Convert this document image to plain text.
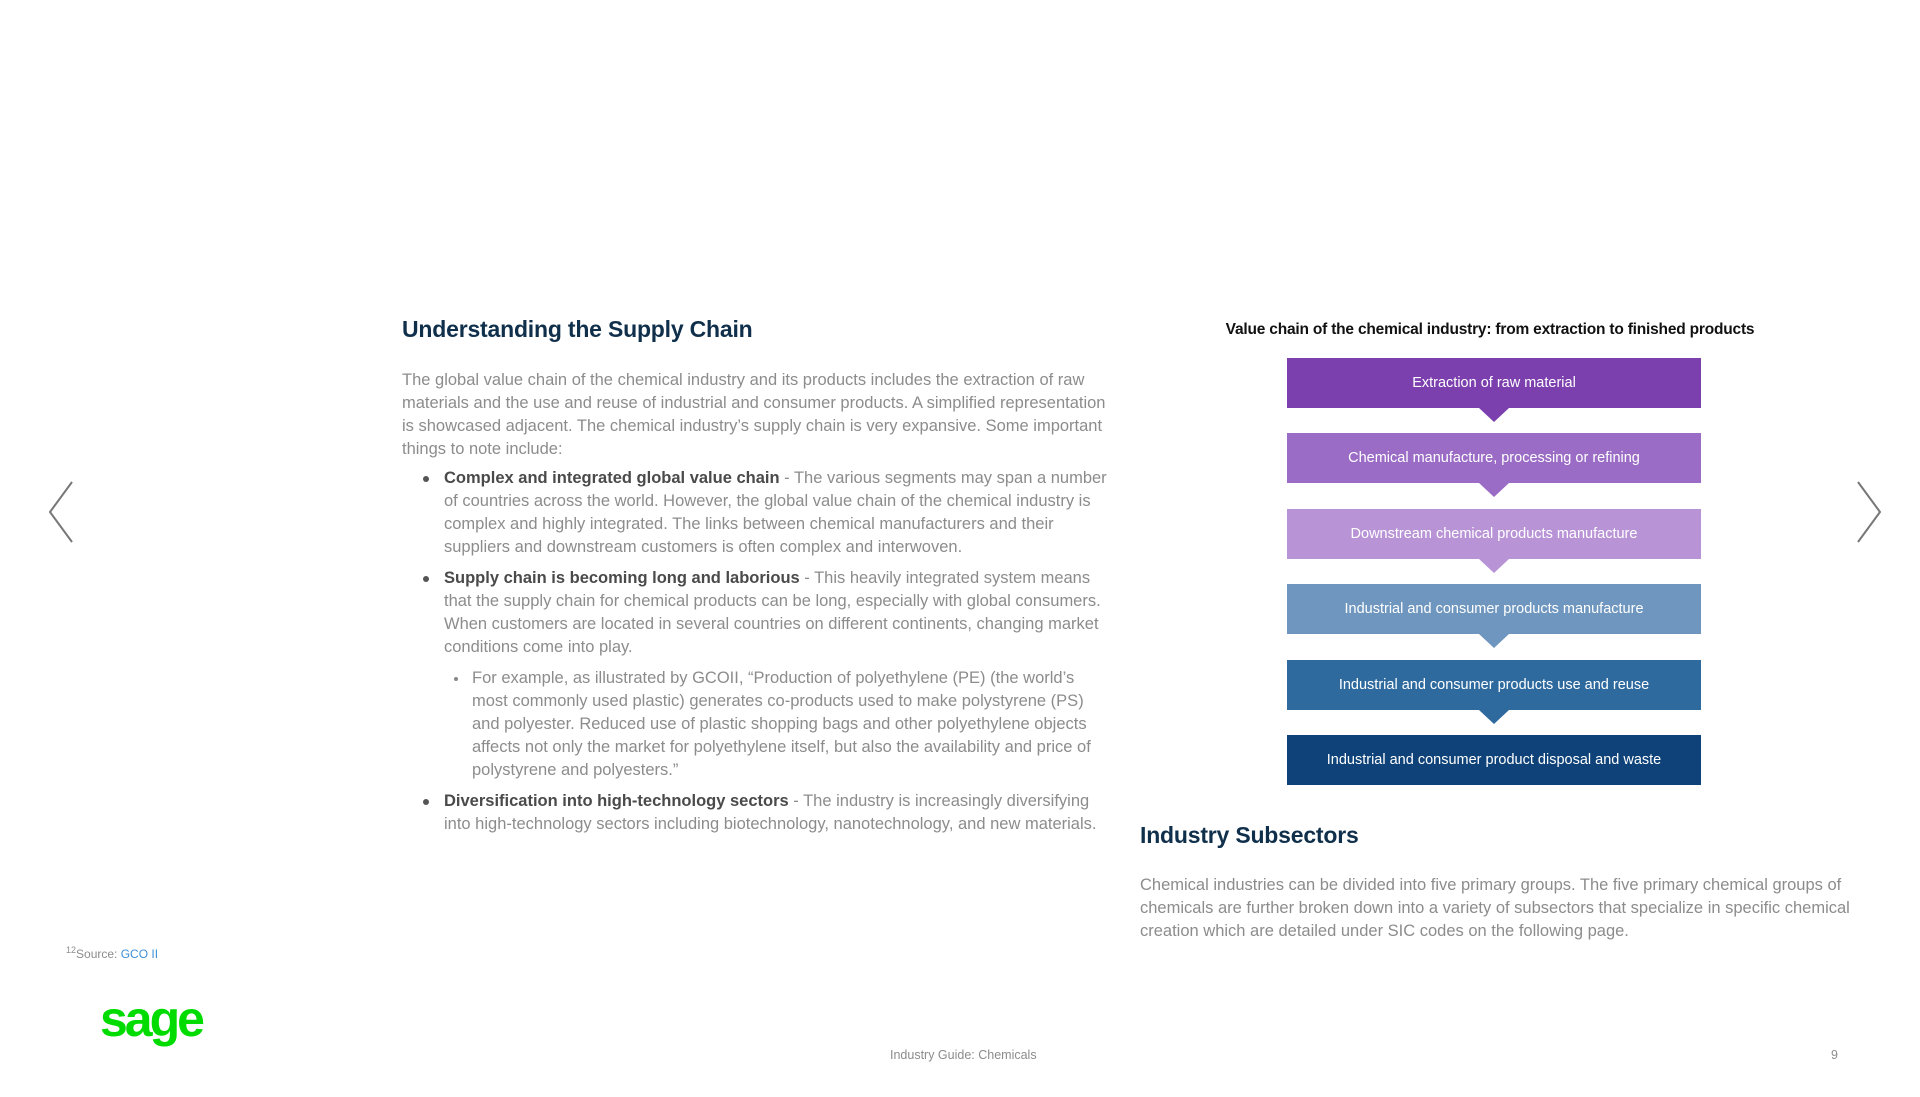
Understanding the Supply Chain
The global value chain of the chemical industry and its products includes the extraction of raw materials and the use and reuse of industrial and consumer products. A simplified representation is showcased adjacent. The chemical industry’s supply chain is very expansive. Some important things to note include:
Complex and integrated global value chain - The various segments may span a number of countries across the world. However, the global value chain of the chemical industry is complex and highly integrated. The links between chemical manufacturers and their suppliers and downstream customers is often complex and interwoven.
Supply chain is becoming long and laborious - This heavily integrated system means that the supply chain for chemical products can be long, especially with global consumers. When customers are located in several countries on different continents, changing market conditions come into play.
For example, as illustrated by GCOII, “Production of polyethylene (PE) (the world’s most commonly used plastic) generates co-products used to make polystyrene (PS) and polyester. Reduced use of plastic shopping bags and other polyethylene objects affects not only the market for polyethylene itself, but also the availability and price of polystyrene and polyesters.”
Diversification into high-technology sectors - The industry is increasingly diversifying into high-technology sectors including biotechnology, nanotechnology, and new materials.
Value chain of the chemical industry: from extraction to finished products
Extraction of raw material
Chemical manufacture, processing or refining
Downstream chemical products manufacture
Industrial and consumer products manufacture
Industrial and consumer products use and reuse
Industrial and consumer product disposal and waste
Industry Subsectors
Chemical industries can be divided into five primary groups. The five primary chemical groups of chemicals are further broken down into a variety of subsectors that specialize in specific chemical creation which are detailed under SIC codes on the following page.
$^{12}$Source: GCO II
sage
Industry Guide: Chemicals	9
